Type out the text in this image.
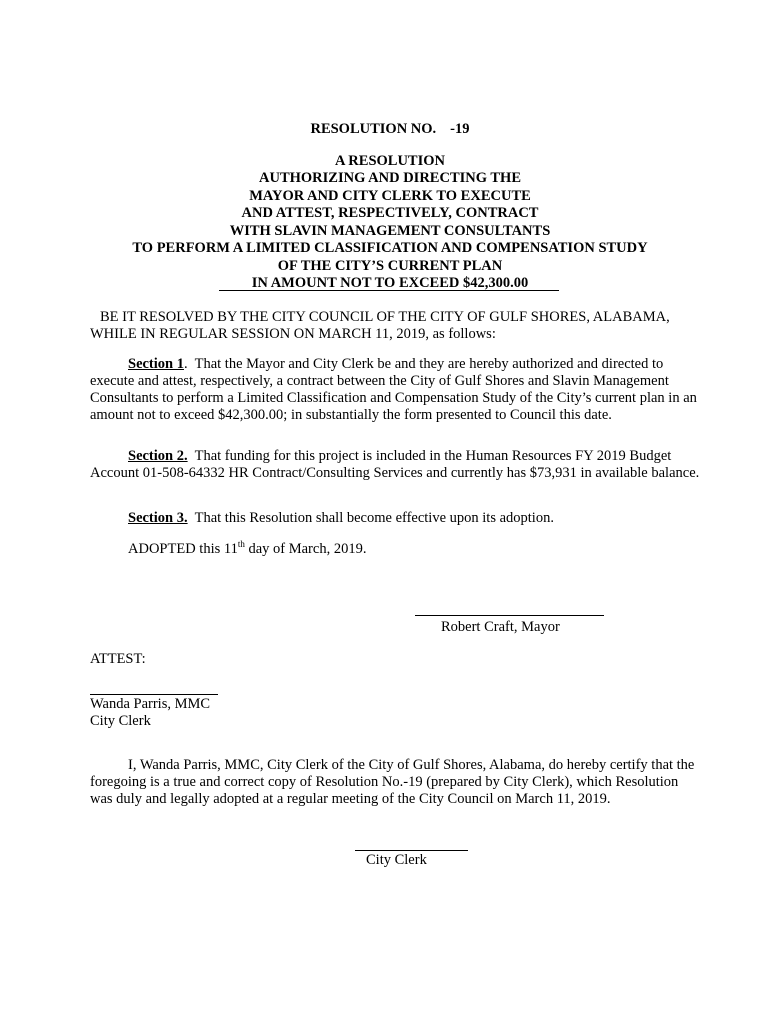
RESOLUTION NO. -19
A RESOLUTION
AUTHORIZING AND DIRECTING THE
MAYOR AND CITY CLERK TO EXECUTE
AND ATTEST, RESPECTIVELY, CONTRACT
WITH SLAVIN MANAGEMENT CONSULTANTS
TO PERFORM A LIMITED CLASSIFICATION AND COMPENSATION STUDY
OF THE CITY’S CURRENT PLAN
IN AMOUNT NOT TO EXCEED $42,300.00
BE IT RESOLVED BY THE CITY COUNCIL OF THE CITY OF GULF SHORES, ALABAMA, WHILE IN REGULAR SESSION ON MARCH 11, 2019, as follows:
Section 1. That the Mayor and City Clerk be and they are hereby authorized and directed to execute and attest, respectively, a contract between the City of Gulf Shores and Slavin Management Consultants to perform a Limited Classification and Compensation Study of the City’s current plan in an amount not to exceed $42,300.00; in substantially the form presented to Council this date.
Section 2. That funding for this project is included in the Human Resources FY 2019 Budget Account 01-508-64332 HR Contract/Consulting Services and currently has $73,931 in available balance.
Section 3. That this Resolution shall become effective upon its adoption.
ADOPTED this 11th day of March, 2019.
Robert Craft, Mayor
ATTEST:
Wanda Parris, MMC
City Clerk
I, Wanda Parris, MMC, City Clerk of the City of Gulf Shores, Alabama, do hereby certify that the foregoing is a true and correct copy of Resolution No.-19 (prepared by City Clerk), which Resolution was duly and legally adopted at a regular meeting of the City Council on March 11, 2019.
City Clerk
